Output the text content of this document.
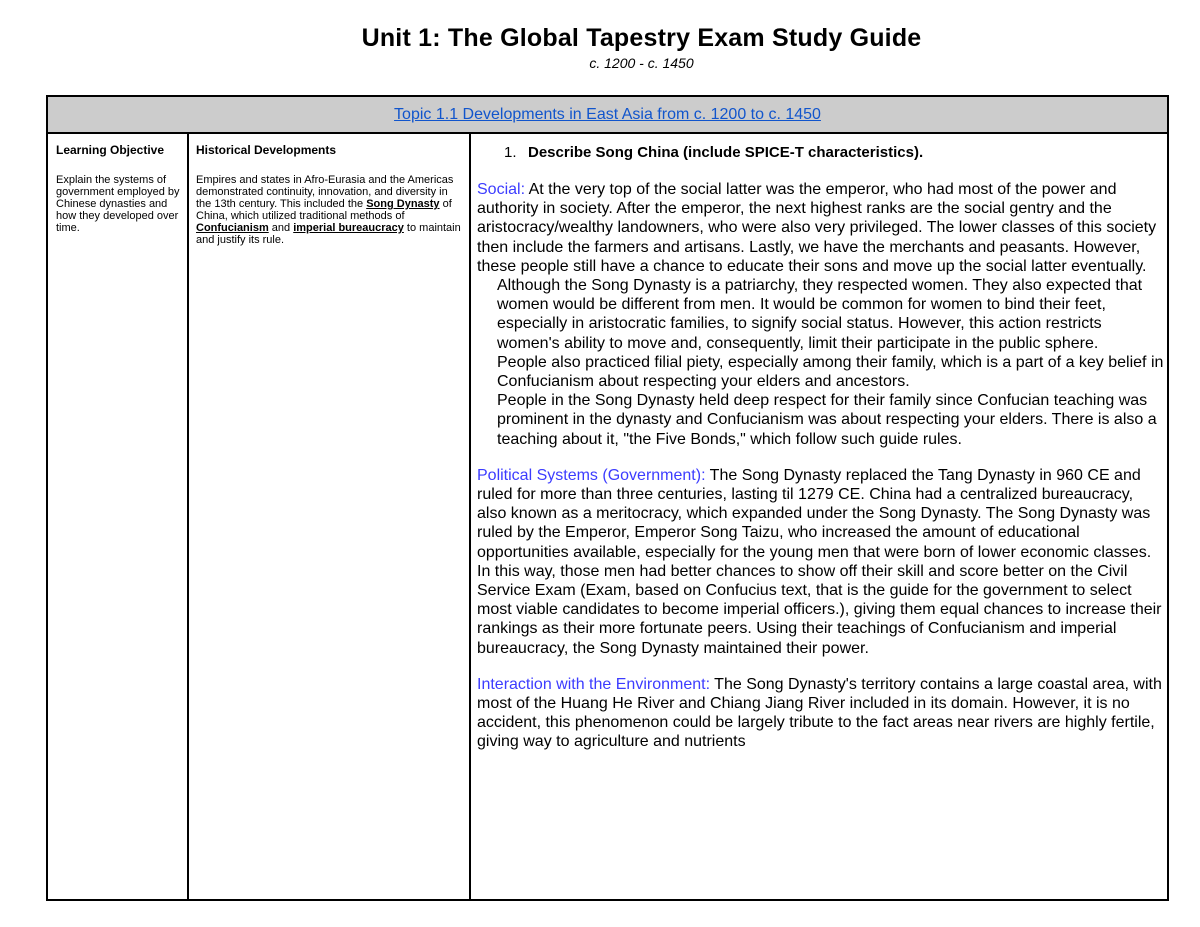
Unit 1: The Global Tapestry Exam Study Guide
c. 1200 - c. 1450
Topic 1.1 Developments in East Asia from c. 1200 to c. 1450
Learning Objective
Explain the systems of government employed by Chinese dynasties and how they developed over time.
Historical Developments
Empires and states in Afro-Eurasia and the Americas demonstrated continuity, innovation, and diversity in the 13th century. This included the Song Dynasty of China, which utilized traditional methods of Confucianism and imperial bureaucracy to maintain and justify its rule.
1. Describe Song China (include SPICE-T characteristics).

Social: At the very top of the social latter was the emperor, who had most of the power and authority in society. After the emperor, the next highest ranks are the social gentry and the aristocracy/wealthy landowners, who were also very privileged. The lower classes of this society then include the farmers and artisans. Lastly, we have the merchants and peasants. However, these people still have a chance to educate their sons and move up the social latter eventually.

Although the Song Dynasty is a patriarchy, they respected women. They also expected that women would be different from men. It would be common for women to bind their feet, especially in aristocratic families, to signify social status. However, this action restricts women's ability to move and, consequently, limit their participate in the public sphere.

People also practiced filial piety, especially among their family, which is a part of a key belief in Confucianism about respecting your elders and ancestors.

People in the Song Dynasty held deep respect for their family since Confucian teaching was prominent in the dynasty and Confucianism was about respecting your elders. There is also a teaching about it, "the Five Bonds," which follow such guide rules.

Political Systems (Government): The Song Dynasty replaced the Tang Dynasty in 960 CE and ruled for more than three centuries, lasting til 1279 CE. China had a centralized bureaucracy, also known as a meritocracy, which expanded under the Song Dynasty. The Song Dynasty was ruled by the Emperor, Emperor Song Taizu, who increased the amount of educational opportunities available, especially for the young men that were born of lower economic classes. In this way, those men had better chances to show off their skill and score better on the Civil Service Exam (Exam, based on Confucius text, that is the guide for the government to select most viable candidates to become imperial officers.), giving them equal chances to increase their rankings as their more fortunate peers. Using their teachings of Confucianism and imperial bureaucracy, the Song Dynasty maintained their power.

Interaction with the Environment: The Song Dynasty's territory contains a large coastal area, with most of the Huang He River and Chiang Jiang River included in its domain. However, it is no accident, this phenomenon could be largely tribute to the fact areas near rivers are highly fertile, giving way to agriculture and nutrients
